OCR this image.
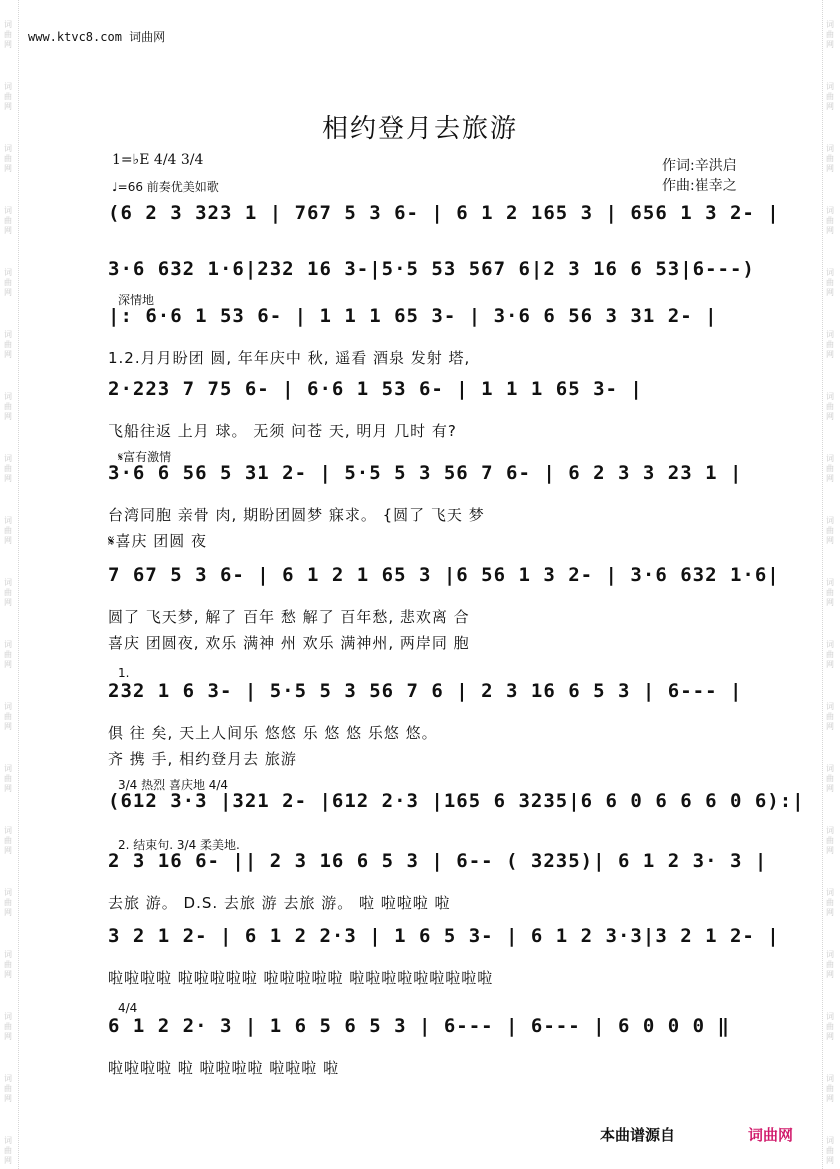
词曲网
词曲网
词曲网
词曲网
词曲网
词曲网
词曲网
词曲网
词曲网
词曲网
词曲网
词曲网
词曲网
词曲网
词曲网
词曲网
词曲网
词曲网
词曲网
词曲网
词曲网
词曲网
词曲网
词曲网
词曲网
词曲网
词曲网
词曲网
词曲网
词曲网
词曲网
词曲网
词曲网
词曲网
词曲网
词曲网
词曲网
词曲网
www.ktvc8.com 词曲网
相约登月去旅游
1=♭E 4/4 3/4
♩=66 前奏优美如歌
作词:辛洪启
作曲:崔幸之
(6 2 3 323 1 | 767 5 3 6- | 6 1 2 165 3 | 656 1 3 2- |
3·6 632 1·6|232 16 3-|5·5 53 567 6|2 3 16 6 53|6---)
深情地
|: 6·6 1 53 6- | 1 1 1 65 3- | 3·6 6 56 3 31 2- |
1.2.月月盼团 圆, 年年庆中 秋, 遥看 酒泉 发射 塔,
2·223 7 75 6- | 6·6 1 53 6- | 1 1 1 65 3- |
飞船往返 上月 球。 无须 问苍 天, 明月 几时 有?
𝄋富有激情
3·6 6 56 5 31 2- | 5·5 5 3 56 7 6- | 6 2 3 3 23 1 |
台湾同胞 亲骨 肉, 期盼团圆梦 寐求。 {圆了 飞天 梦
𝄋喜庆 团圆 夜
7 67 5 3 6- | 6 1 2 1 65 3 |6 56 1 3 2- | 3·6 632 1·6|
圆了 飞天梦, 解了 百年 愁 解了 百年愁, 悲欢离 合
喜庆 团圆夜, 欢乐 满神 州 欢乐 满神州, 两岸同 胞
1.
232 1 6 3- | 5·5 5 3 56 7 6 | 2 3 16 6 5 3 | 6--- |
俱 往 矣, 天上人间乐 悠悠 乐 悠 悠 乐悠 悠。
齐 携 手, 相约登月去 旅游
3/4 热烈 喜庆地 4/4
(612 3·3 |321 2- |612 2·3 |165 6 3235|6 6 0 6 6 6 0 6):|
2. 结束句. 3/4 柔美地.
2 3 16 6- || 2 3 16 6 5 3 | 6-- ( 3235)| 6 1 2 3· 3 |
去旅 游。 D.S. 去旅 游 去旅 游。 啦 啦啦啦 啦
3 2 1 2- | 6 1 2 2·3 | 1 6 5 3- | 6 1 2 3·3|3 2 1 2- |
啦啦啦啦 啦啦啦啦啦 啦啦啦啦啦 啦啦啦啦啦啦啦啦啦
4/4
6 1 2 2· 3 | 1 6 5 6 5 3 | 6--- | 6--- | 6 0 0 0 ‖
啦啦啦啦 啦 啦啦啦啦 啦啦啦 啦
本曲谱源自	词曲网
